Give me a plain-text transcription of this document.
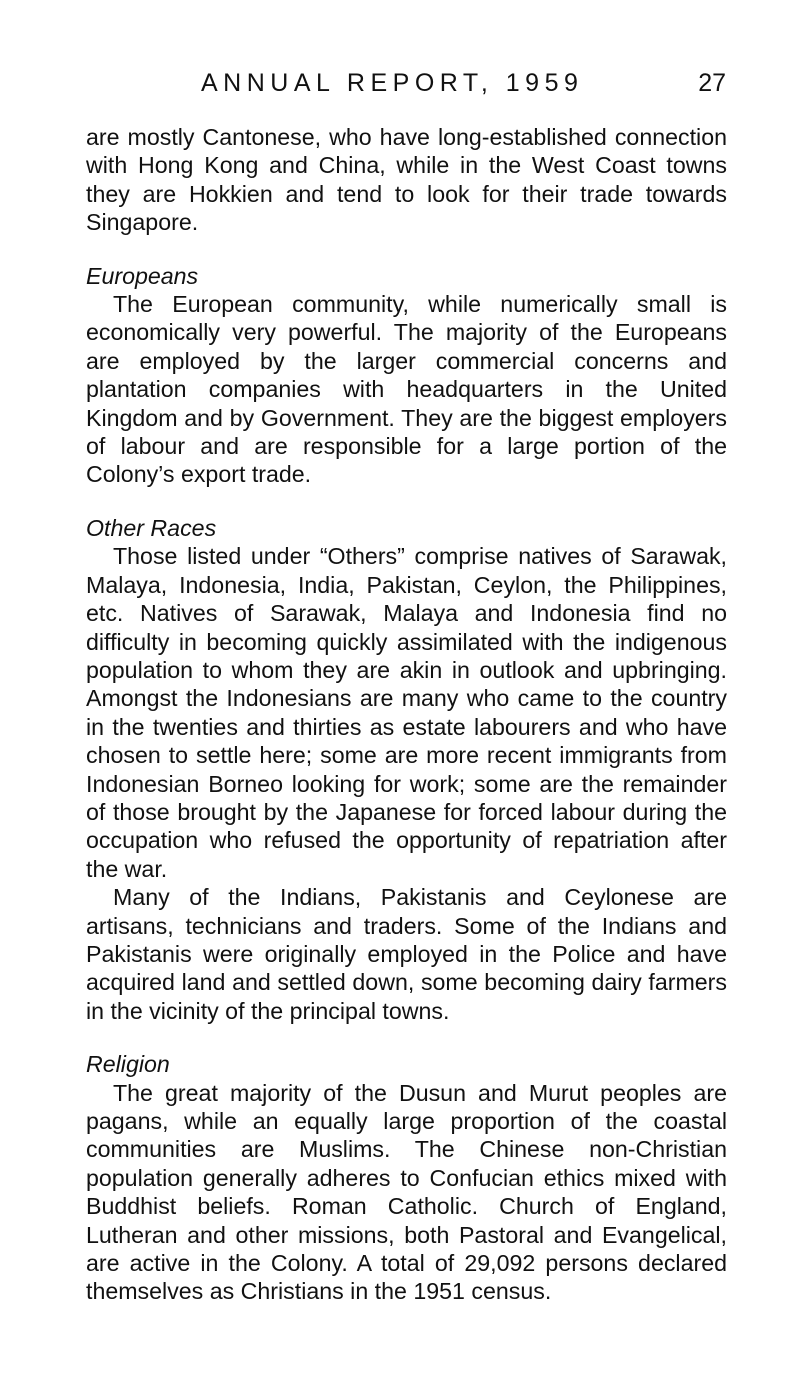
ANNUAL REPORT, 1959	27

are mostly Cantonese, who have long-established connection with Hong Kong and China, while in the West Coast towns they are Hokkien and tend to look for their trade towards Singapore.

Europeans

The European community, while numerically small is economically very powerful. The majority of the Europeans are employed by the larger commercial concerns and plantation companies with headquarters in the United Kingdom and by Government. They are the biggest employers of labour and are responsible for a large portion of the Colony’s export trade.

Other Races

Those listed under “Others” comprise natives of Sarawak, Malaya, Indonesia, India, Pakistan, Ceylon, the Philippines, etc. Natives of Sarawak, Malaya and Indonesia find no difficulty in becoming quickly assimilated with the indigenous population to whom they are akin in outlook and upbringing. Amongst the Indonesians are many who came to the country in the twenties and thirties as estate labourers and who have chosen to settle here; some are more recent immigrants from Indonesian Borneo looking for work; some are the remainder of those brought by the Japanese for forced labour during the occupation who refused the opportunity of repatriation after the war.

Many of the Indians, Pakistanis and Ceylonese are artisans, technicians and traders. Some of the Indians and Pakistanis were originally employed in the Police and have acquired land and settled down, some becoming dairy farmers in the vicinity of the principal towns.

Religion

The great majority of the Dusun and Murut peoples are pagans, while an equally large proportion of the coastal communities are Muslims. The Chinese non-Christian population generally adheres to Confucian ethics mixed with Buddhist beliefs. Roman Catholic. Church of England, Lutheran and other missions, both Pastoral and Evangelical, are active in the Colony. A total of 29,092 persons declared themselves as Christians in the 1951 census.
